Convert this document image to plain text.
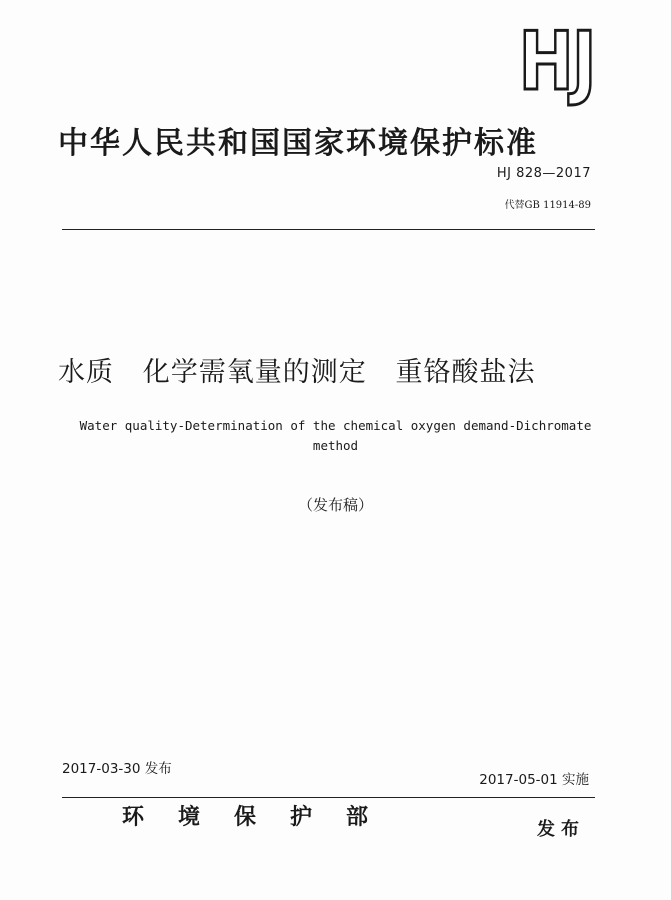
HJ
中华人民共和国国家环境保护标准
HJ 828—2017
代替GB 11914-89
水质   化学需氧量的测定   重铬酸盐法
Water quality-Determination of the chemical oxygen demand-Dichromate
method
（发布稿）
2017-03-30 发布
2017-05-01 实施
环境保护部	发布
